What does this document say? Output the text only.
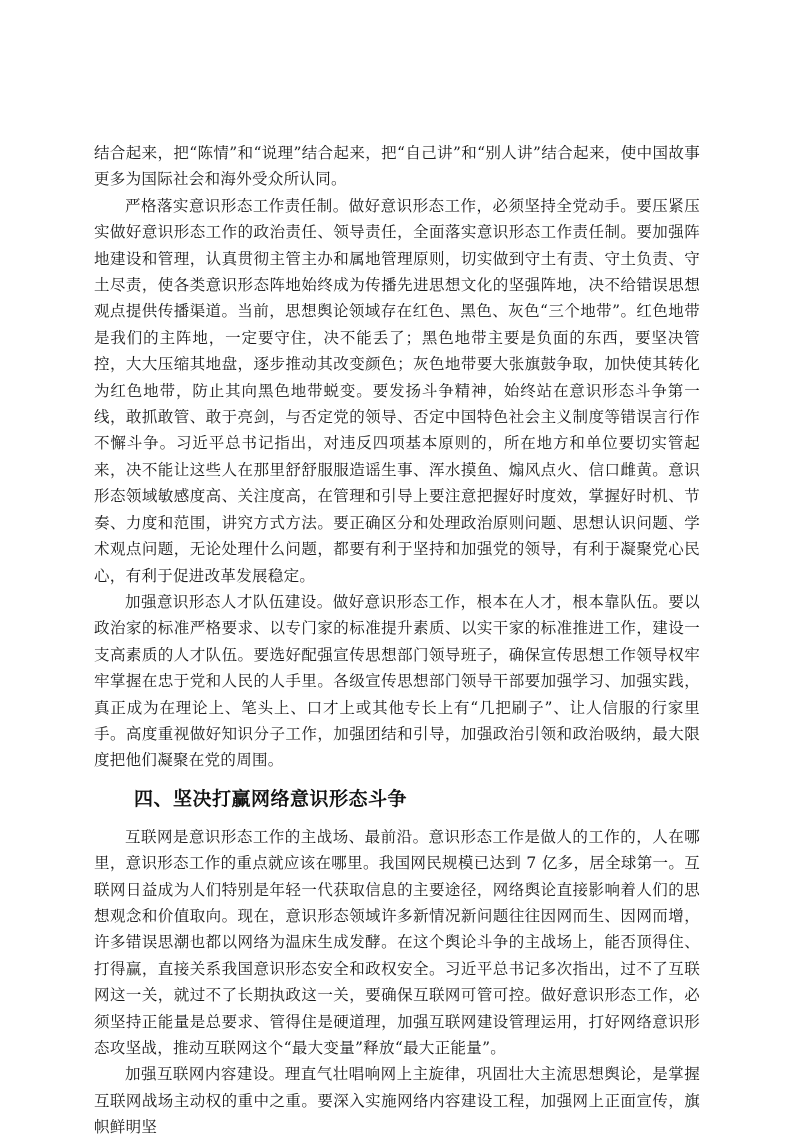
结合起来，把“陈情”和“说理”结合起来，把“自己讲”和“别人讲”结合起来，使中国故事更多为国际社会和海外受众所认同。

严格落实意识形态工作责任制。做好意识形态工作，必须坚持全党动手。要压紧压实做好意识形态工作的政治责任、领导责任，全面落实意识形态工作责任制。要加强阵地建设和管理，认真贯彻主管主办和属地管理原则，切实做到守土有责、守土负责、守土尽责，使各类意识形态阵地始终成为传播先进思想文化的坚强阵地，决不给错误思想观点提供传播渠道。当前，思想舆论领域存在红色、黑色、灰色“三个地带”。红色地带是我们的主阵地，一定要守住，决不能丢了；黑色地带主要是负面的东西，要坚决管控，大大压缩其地盘，逐步推动其改变颜色；灰色地带要大张旗鼓争取，加快使其转化为红色地带，防止其向黑色地带蜕变。要发扬斗争精神，始终站在意识形态斗争第一线，敢抓敢管、敢于亮剑，与否定党的领导、否定中国特色社会主义制度等错误言行作不懈斗争。习近平总书记指出，对违反四项基本原则的，所在地方和单位要切实管起来，决不能让这些人在那里舒舒服服造谣生事、浑水摸鱼、煽风点火、信口雌黄。意识形态领域敏感度高、关注度高，在管理和引导上要注意把握好时度效，掌握好时机、节奏、力度和范围，讲究方式方法。要正确区分和处理政治原则问题、思想认识问题、学术观点问题，无论处理什么问题，都要有利于坚持和加强党的领导，有利于凝聚党心民心，有利于促进改革发展稳定。

加强意识形态人才队伍建设。做好意识形态工作，根本在人才，根本靠队伍。要以政治家的标准严格要求、以专门家的标准提升素质、以实干家的标准推进工作，建设一支高素质的人才队伍。要选好配强宣传思想部门领导班子，确保宣传思想工作领导权牢牢掌握在忠于党和人民的人手里。各级宣传思想部门领导干部要加强学习、加强实践，真正成为在理论上、笔头上、口才上或其他专长上有“几把刷子”、让人信服的行家里手。高度重视做好知识分子工作，加强团结和引导，加强政治引领和政治吸纳，最大限度把他们凝聚在党的周围。

四、坚决打赢网络意识形态斗争

互联网是意识形态工作的主战场、最前沿。意识形态工作是做人的工作的，人在哪里，意识形态工作的重点就应该在哪里。我国网民规模已达到 7 亿多，居全球第一。互联网日益成为人们特别是年轻一代获取信息的主要途径，网络舆论直接影响着人们的思想观念和价值取向。现在，意识形态领域许多新情况新问题往往因网而生、因网而增，许多错误思潮也都以网络为温床生成发酵。在这个舆论斗争的主战场上，能否顶得住、打得赢，直接关系我国意识形态安全和政权安全。习近平总书记多次指出，过不了互联网这一关，就过不了长期执政这一关，要确保互联网可管可控。做好意识形态工作，必须坚持正能量是总要求、管得住是硬道理，加强互联网建设管理运用，打好网络意识形态攻坚战，推动互联网这个“最大变量”释放“最大正能量”。

加强互联网内容建设。理直气壮唱响网上主旋律，巩固壮大主流思想舆论，是掌握互联网战场主动权的重中之重。要深入实施网络内容建设工程，加强网上正面宣传，旗帜鲜明坚
